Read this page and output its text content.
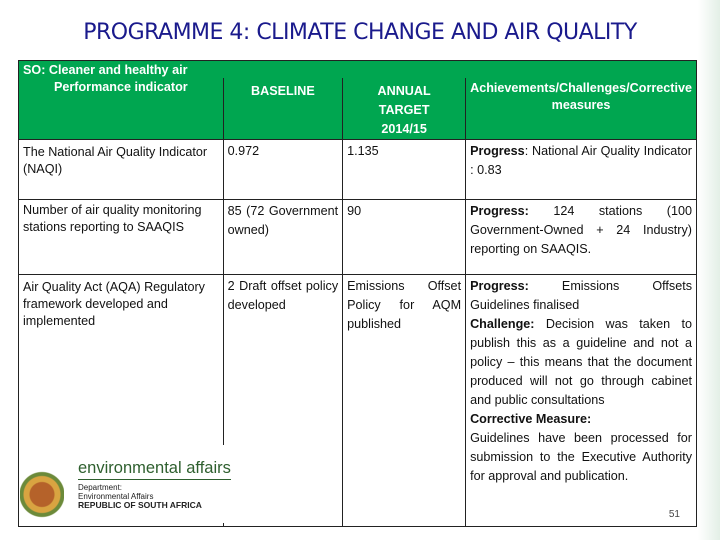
PROGRAMME 4: CLIMATE CHANGE AND AIR QUALITY
SO: Cleaner and healthy air			
Performance indicator	BASELINE	ANNUAL TARGET 2014/15	Achievements/Challenges/Corrective measures
The National Air Quality Indicator (NAQI)	0.972	1.135	Progress: National Air Quality Indicator : 0.83
Number of air quality monitoring stations reporting to SAAQIS	85 (72 Government owned)	90	Progress: 124 stations (100 Government-Owned + 24 Industry) reporting on SAAQIS.
Air Quality Act (AQA) Regulatory framework developed and implemented	2 Draft offset policy developed	Emissions Offset Policy for AQM published	Progress: Emissions Offsets Guidelines finalised
Challenge: Decision was taken to publish this as a guideline and not a policy – this means that the document produced will not go through cabinet and public consultations
Corrective Measure:
Guidelines have been processed for submission to the Executive Authority for approval and publication.
environmental affairs
Department:
Environmental Affairs
REPUBLIC OF SOUTH AFRICA
51
